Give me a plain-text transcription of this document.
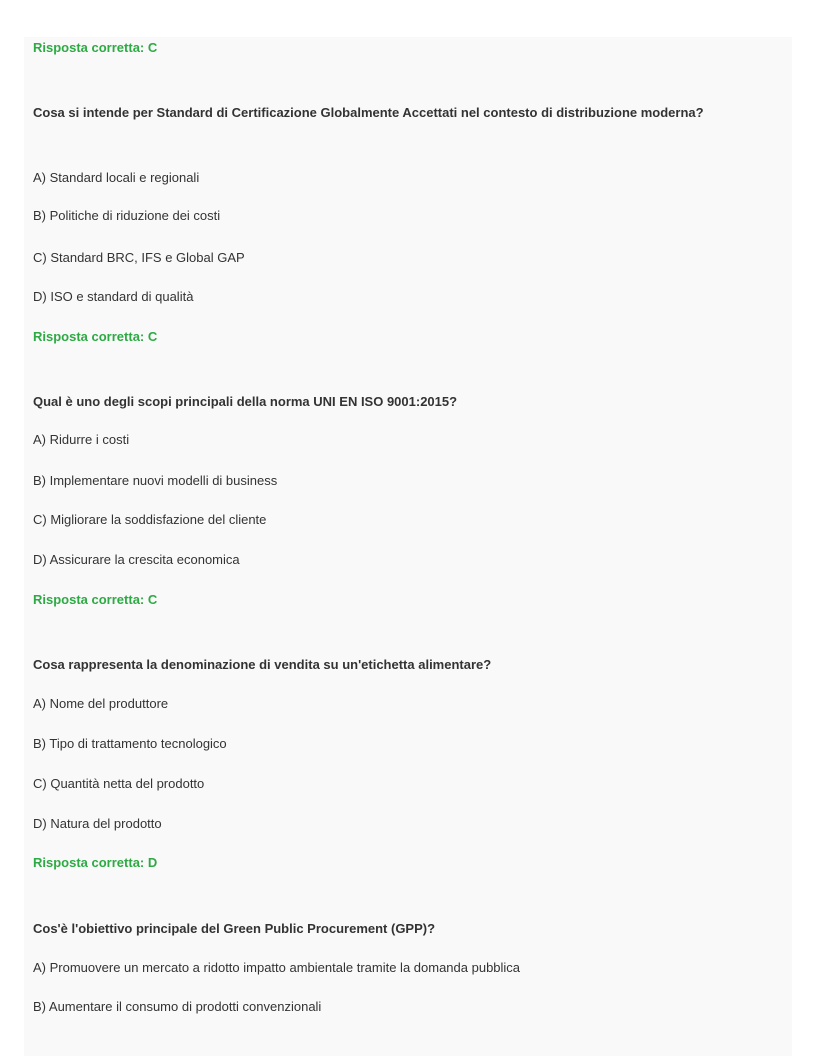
Risposta corretta: C

Cosa si intende per Standard di Certificazione Globalmente Accettati nel contesto di distribuzione moderna?

A) Standard locali e regionali

B) Politiche di riduzione dei costi

C) Standard BRC, IFS e Global GAP

D) ISO e standard di qualità

Risposta corretta: C

Qual è uno degli scopi principali della norma UNI EN ISO 9001:2015?

A) Ridurre i costi

B) Implementare nuovi modelli di business

C) Migliorare la soddisfazione del cliente

D) Assicurare la crescita economica

Risposta corretta: C

Cosa rappresenta la denominazione di vendita su un'etichetta alimentare?

A) Nome del produttore

B) Tipo di trattamento tecnologico

C) Quantità netta del prodotto

D) Natura del prodotto

Risposta corretta: D

Cos'è l'obiettivo principale del Green Public Procurement (GPP)?

A) Promuovere un mercato a ridotto impatto ambientale tramite la domanda pubblica

B) Aumentare il consumo di prodotti convenzionali
